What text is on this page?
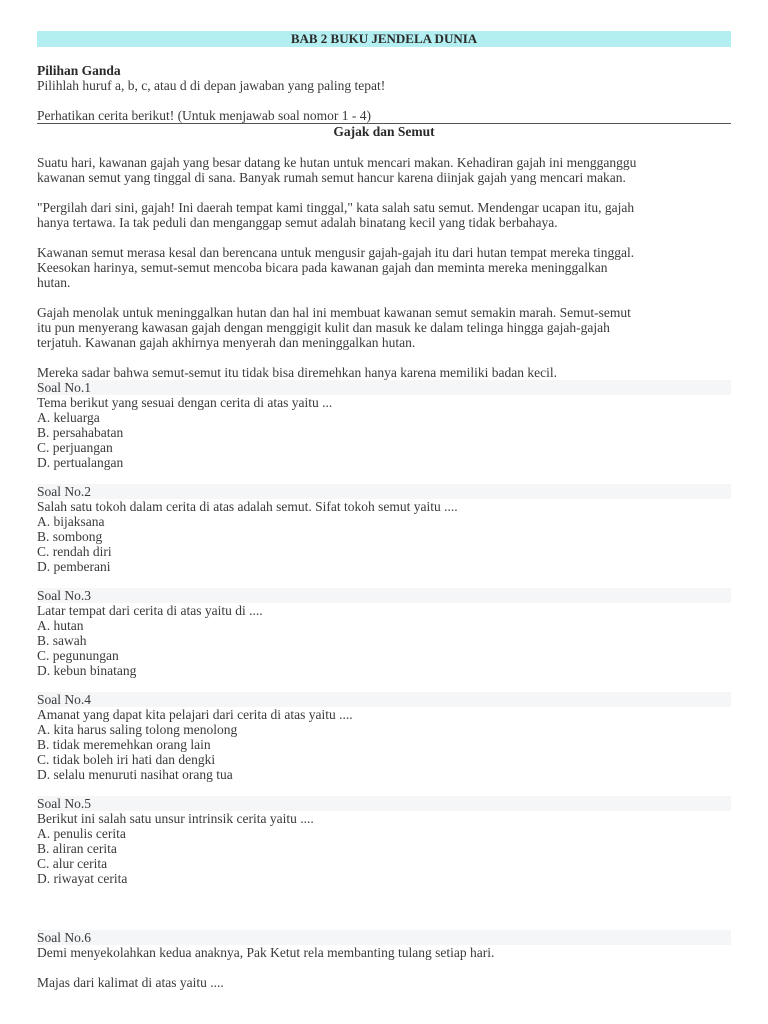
BAB 2 BUKU JENDELA DUNIA
Pilihan Ganda
Pilihlah huruf a, b, c, atau d di depan jawaban yang paling tepat!
Perhatikan cerita berikut! (Untuk menjawab soal nomor 1 - 4)
Gajak dan Semut

Suatu hari, kawanan gajah yang besar datang ke hutan untuk mencari makan. Kehadiran gajah ini mengganggu
kawanan semut yang tinggal di sana. Banyak rumah semut hancur karena diinjak gajah yang mencari makan.

"Pergilah dari sini, gajah! Ini daerah tempat kami tinggal," kata salah satu semut. Mendengar ucapan itu, gajah
hanya tertawa. Ia tak peduli dan menganggap semut adalah binatang kecil yang tidak berbahaya.

Kawanan semut merasa kesal dan berencana untuk mengusir gajah-gajah itu dari hutan tempat mereka tinggal.
Keesokan harinya, semut-semut mencoba bicara pada kawanan gajah dan meminta mereka meninggalkan
hutan.

Gajah menolak untuk meninggalkan hutan dan hal ini membuat kawanan semut semakin marah. Semut-semut
itu pun menyerang kawasan gajah dengan menggigit kulit dan masuk ke dalam telinga hingga gajah-gajah
terjatuh. Kawanan gajah akhirnya menyerah dan meninggalkan hutan.

Mereka sadar bahwa semut-semut itu tidak bisa diremehkan hanya karena memiliki badan kecil.

Soal No.1
Tema berikut yang sesuai dengan cerita di atas yaitu ...
A. keluarga
B. persahabatan
C. perjuangan
D. pertualangan
Soal No.2
Salah satu tokoh dalam cerita di atas adalah semut. Sifat tokoh semut yaitu ....
A. bijaksana
B. sombong
C. rendah diri
D. pemberani
Soal No.3
Latar tempat dari cerita di atas yaitu di ....
A. hutan
B. sawah
C. pegunungan
D. kebun binatang
Soal No.4
Amanat yang dapat kita pelajari dari cerita di atas yaitu ....
A. kita harus saling tolong menolong
B. tidak meremehkan orang lain
C. tidak boleh iri hati dan dengki
D. selalu menuruti nasihat orang tua
Soal No.5
Berikut ini salah satu unsur intrinsik cerita yaitu ....
A. penulis cerita
B. aliran cerita
C. alur cerita
D. riwayat cerita
Soal No.6
Demi menyekolahkan kedua anaknya, Pak Ketut rela membanting tulang setiap hari.
Majas dari kalimat di atas yaitu ....
